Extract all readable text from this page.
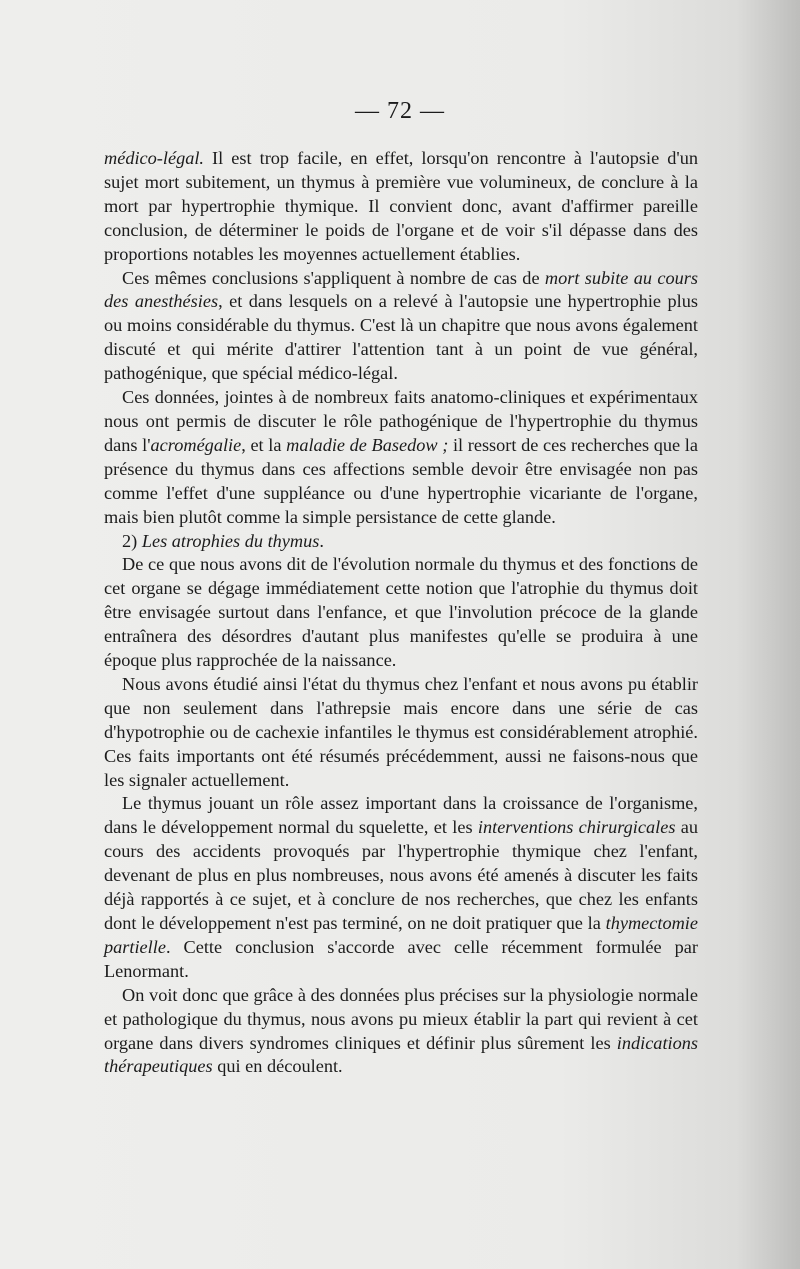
— 72 —

médico-légal. Il est trop facile, en effet, lorsqu'on rencontre à l'autopsie d'un sujet mort subitement, un thymus à première vue volumineux, de conclure à la mort par hypertrophie thymique. Il convient donc, avant d'affirmer pareille conclusion, de déterminer le poids de l'organe et de voir s'il dépasse dans des proportions notables les moyennes actuellement établies.

Ces mêmes conclusions s'appliquent à nombre de cas de mort subite au cours des anesthésies, et dans lesquels on a relevé à l'autopsie une hypertrophie plus ou moins considérable du thymus. C'est là un chapitre que nous avons également discuté et qui mérite d'attirer l'attention tant à un point de vue général, pathogénique, que spécial médico-légal.

Ces données, jointes à de nombreux faits anatomo-cliniques et expérimentaux nous ont permis de discuter le rôle pathogénique de l'hypertrophie du thymus dans l'acromégalie, et la maladie de Basedow ; il ressort de ces recherches que la présence du thymus dans ces affections semble devoir être envisagée non pas comme l'effet d'une suppléance ou d'une hypertrophie vicariante de l'organe, mais bien plutôt comme la simple persistance de cette glande.

2) Les atrophies du thymus.

De ce que nous avons dit de l'évolution normale du thymus et des fonctions de cet organe se dégage immédiatement cette notion que l'atrophie du thymus doit être envisagée surtout dans l'enfance, et que l'involution précoce de la glande entraînera des désordres d'autant plus manifestes qu'elle se produira à une époque plus rapprochée de la naissance.

Nous avons étudié ainsi l'état du thymus chez l'enfant et nous avons pu établir que non seulement dans l'athrepsie mais encore dans une série de cas d'hypotrophie ou de cachexie infantiles le thymus est considérablement atrophié. Ces faits importants ont été résumés précédemment, aussi ne faisons-nous que les signaler actuellement.

Le thymus jouant un rôle assez important dans la croissance de l'organisme, dans le développement normal du squelette, et les interventions chirurgicales au cours des accidents provoqués par l'hypertrophie thymique chez l'enfant, devenant de plus en plus nombreuses, nous avons été amenés à discuter les faits déjà rapportés à ce sujet, et à conclure de nos recherches, que chez les enfants dont le développement n'est pas terminé, on ne doit pratiquer que la thymectomie partielle. Cette conclusion s'accorde avec celle récemment formulée par Lenormant.

On voit donc que grâce à des données plus précises sur la physiologie normale et pathologique du thymus, nous avons pu mieux établir la part qui revient à cet organe dans divers syndromes cliniques et définir plus sûrement les indications thérapeutiques qui en découlent.
